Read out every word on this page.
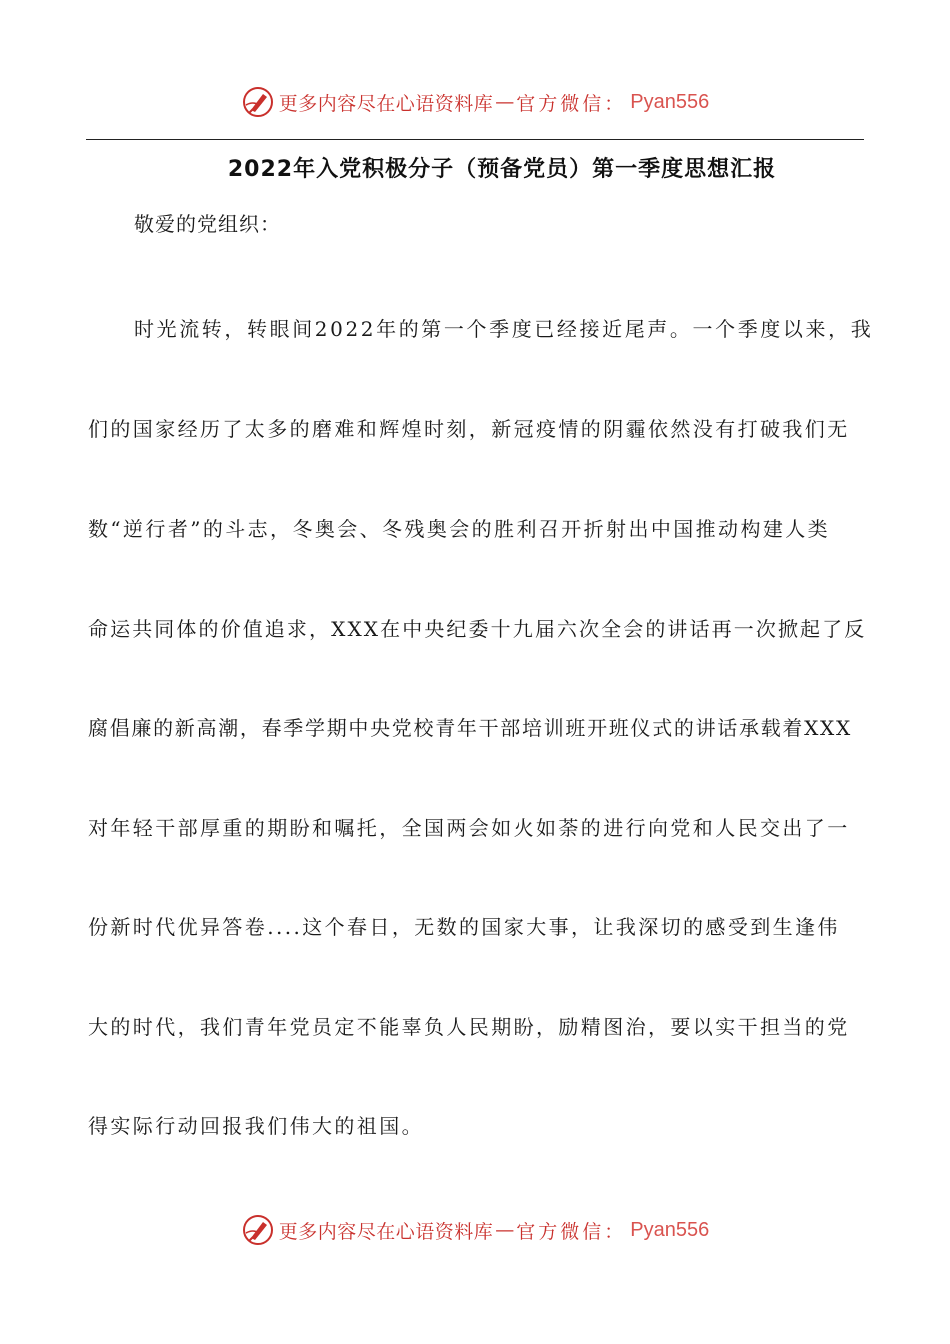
更多内容尽在心语资料库 — 官方微信： Pyan556
2022年入党积极分子（预备党员）第一季度思想汇报
敬爱的党组织：
时光流转，转眼间2022年的第一个季度已经接近尾声。一个季度以来，我
们的国家经历了太多的磨难和辉煌时刻，新冠疫情的阴霾依然没有打破我们无
数“逆行者”的斗志，冬奥会、冬残奥会的胜利召开折射出中国推动构建人类
命运共同体的价值追求，XXX在中央纪委十九届六次全会的讲话再一次掀起了反
腐倡廉的新高潮，春季学期中央党校青年干部培训班开班仪式的讲话承载着XXX
对年轻干部厚重的期盼和嘱托，全国两会如火如荼的进行向党和人民交出了一
份新时代优异答卷....这个春日，无数的国家大事，让我深切的感受到生逢伟
大的时代，我们青年党员定不能辜负人民期盼，励精图治，要以实干担当的党
得实际行动回报我们伟大的祖国。
更多内容尽在心语资料库 — 官方微信： Pyan556
